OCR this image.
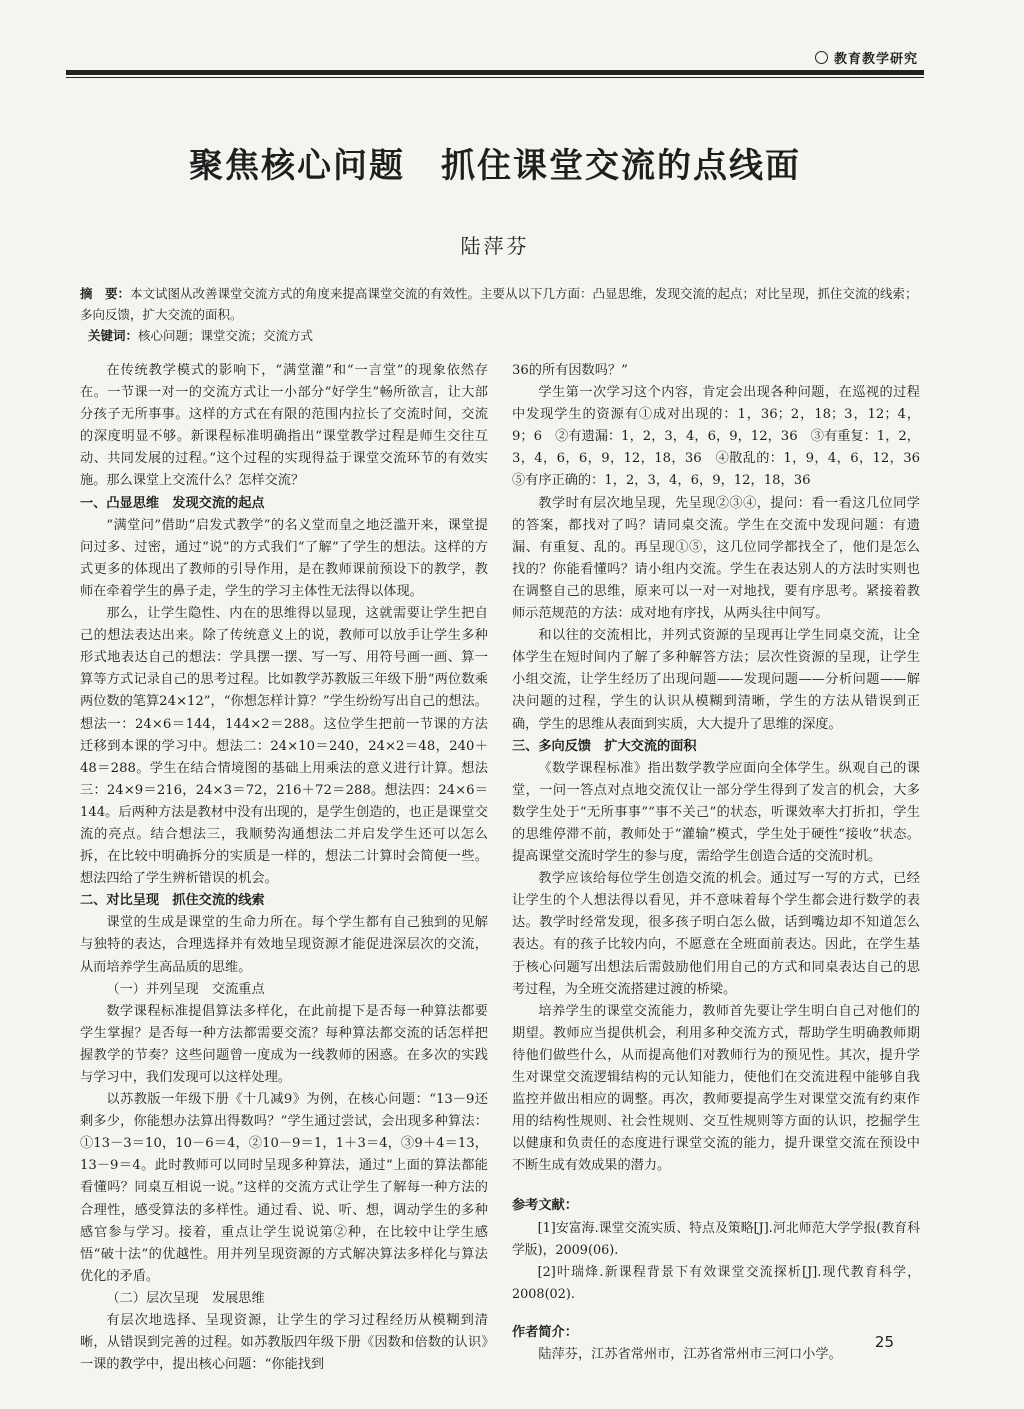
教育教学研究
聚焦核心问题　抓住课堂交流的点线面
陆萍芬

摘　要：本文试图从改善课堂交流方式的角度来提高课堂交流的有效性。主要从以下几方面：凸显思维，发现交流的起点；对比呈现，抓住交流的线索；多向反馈，扩大交流的面积。

关键词：核心问题；课堂交流；交流方式

在传统教学模式的影响下，“满堂灌”和“一言堂”的现象依然存在。一节课一对一的交流方式让一小部分“好学生”畅所欲言，让大部分孩子无所事事。这样的方式在有限的范围内拉长了交流时间，交流的深度明显不够。新课程标准明确指出“课堂教学过程是师生交往互动、共同发展的过程。”这个过程的实现得益于课堂交流环节的有效实施。那么课堂上交流什么？怎样交流？

一、凸显思维　发现交流的起点

“满堂问”借助“启发式教学”的名义堂而皇之地泛滥开来，课堂提问过多、过密，通过“说”的方式我们“了解”了学生的想法。这样的方式更多的体现出了教师的引导作用，是在教师课前预设下的教学，教师在牵着学生的鼻子走，学生的学习主体性无法得以体现。

那么，让学生隐性、内在的思维得以显现，这就需要让学生把自己的想法表达出来。除了传统意义上的说，教师可以放手让学生多种形式地表达自己的想法：学具摆一摆、写一写、用符号画一画、算一算等方式记录自己的思考过程。比如教学苏教版三年级下册“两位数乘两位数的笔算24×12”，“你想怎样计算？”学生纷纷写出自己的想法。想法一：24×6＝144，144×2＝288。这位学生把前一节课的方法迁移到本课的学习中。想法二：24×10＝240，24×2＝48，240＋48＝288。学生在结合情境图的基础上用乘法的意义进行计算。想法三：24×9＝216，24×3＝72，216＋72＝288。想法四：24×6＝144。后两种方法是教材中没有出现的，是学生创造的，也正是课堂交流的亮点。结合想法三，我顺势沟通想法二并启发学生还可以怎么拆，在比较中明确拆分的实质是一样的，想法二计算时会简便一些。想法四给了学生辨析错误的机会。

二、对比呈现　抓住交流的线索

课堂的生成是课堂的生命力所在。每个学生都有自己独到的见解与独特的表达，合理选择并有效地呈现资源才能促进深层次的交流，从而培养学生高品质的思维。

（一）并列呈现　交流重点

数学课程标准提倡算法多样化，在此前提下是否每一种算法都要学生掌握？是否每一种方法都需要交流？每种算法都交流的话怎样把握教学的节奏？这些问题曾一度成为一线教师的困惑。在多次的实践与学习中，我们发现可以这样处理。

以苏教版一年级下册《十几减9》为例，在核心问题：“13－9还剩多少，你能想办法算出得数吗？”学生通过尝试，会出现多种算法：①13－3＝10，10－6＝4，②10－9＝1，1＋3＝4，③9＋4＝13，13－9＝4。此时教师可以同时呈现多种算法，通过“上面的算法都能看懂吗？同桌互相说一说。”这样的交流方式让学生了解每一种方法的合理性，感受算法的多样性。通过看、说、听、想，调动学生的多种感官参与学习。接着，重点让学生说说第②种，在比较中让学生感悟“破十法”的优越性。用并列呈现资源的方式解决算法多样化与算法优化的矛盾。

（二）层次呈现　发展思维

有层次地选择、呈现资源，让学生的学习过程经历从模糊到清晰，从错误到完善的过程。如苏教版四年级下册《因数和倍数的认识》一课的教学中，提出核心问题：“你能找到

36的所有因数吗？”

学生第一次学习这个内容，肯定会出现各种问题，在巡视的过程中发现学生的资源有①成对出现的：1，36；2，18；3，12；4，9；6　②有遗漏：1，2，3，4，6，9，12，36　③有重复：1，2，3，4，6，6，9，12，18，36　④散乱的：1，9，4，6，12，36　⑤有序正确的：1，2，3，4，6，9，12，18，36

教学时有层次地呈现，先呈现②③④，提问：看一看这几位同学的答案，都找对了吗？请同桌交流。学生在交流中发现问题：有遗漏、有重复、乱的。再呈现①⑤，这几位同学都找全了，他们是怎么找的？你能看懂吗？请小组内交流。学生在表达别人的方法时实则也在调整自己的思维，原来可以一对一对地找，要有序思考。紧接着教师示范规范的方法：成对地有序找，从两头往中间写。

和以往的交流相比，并列式资源的呈现再让学生同桌交流，让全体学生在短时间内了解了多种解答方法；层次性资源的呈现，让学生小组交流，让学生经历了出现问题——发现问题——分析问题——解决问题的过程，学生的认识从模糊到清晰，学生的方法从错误到正确，学生的思维从表面到实质，大大提升了思维的深度。

三、多向反馈　扩大交流的面积

《数学课程标准》指出数学教学应面向全体学生。纵观自己的课堂，一问一答点对点地交流仅让一部分学生得到了发言的机会，大多数学生处于“无所事事”“事不关己”的状态，听课效率大打折扣，学生的思维停滞不前，教师处于“灌输”模式，学生处于硬性“接收”状态。提高课堂交流时学生的参与度，需给学生创造合适的交流时机。

教学应该给每位学生创造交流的机会。通过写一写的方式，已经让学生的个人想法得以看见，并不意味着每个学生都会进行数学的表达。教学时经常发现，很多孩子明白怎么做，话到嘴边却不知道怎么表达。有的孩子比较内向，不愿意在全班面前表达。因此，在学生基于核心问题写出想法后需鼓励他们用自己的方式和同桌表达自己的思考过程，为全班交流搭建过渡的桥梁。

培养学生的课堂交流能力，教师首先要让学生明白自己对他们的期望。教师应当提供机会，利用多种交流方式，帮助学生明确教师期待他们做些什么，从而提高他们对教师行为的预见性。其次，提升学生对课堂交流逻辑结构的元认知能力，使他们在交流进程中能够自我监控并做出相应的调整。再次，教师要提高学生对课堂交流有约束作用的结构性规则、社会性规则、交互性规则等方面的认识，挖掘学生以健康和负责任的态度进行课堂交流的能力，提升课堂交流在预设中不断生成有效成果的潜力。

参考文献：

[1]安富海.课堂交流实质、特点及策略[J].河北师范大学学报(教育科学版)，2009(06).

[2]叶瑞烽.新课程背景下有效课堂交流探析[J].现代教育科学，2008(02).

作者简介：

陆萍芬，江苏省常州市，江苏省常州市三河口小学。

25
